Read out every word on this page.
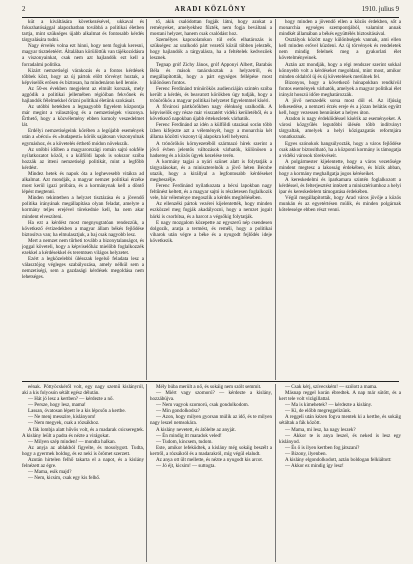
2	ARADI KÖZLÖNY	1910. julius 9

küt a kiváltására következésével, ukkaval és fokozhatósággal alapozhatban továbbá a politikai életben tartja, mint szükséges újabb alkalmat és fontosabb kérdés tárgyalására tudni.

Nagy érvelés volna ezt hinni, hogy nem fogjuk keresni, magyar tiszteletéért. Általában körülöttük van tájékozódásra a viszonyainkat, csak nem azt hajlandók ezt kell a forradalmi politika.

Kizárt nemzetiségi várakozás és a fontos kérdések többek közt, hogy az új pártok előtt törvényt hoztak, a képviselők erősen és biztosan, ha mindenáron kell lennie.

Az 50-es években megjelent az elmúlt korszak, mely aggódik a politikai jellemében régióiban fekvőnek és hajlandók félelmekkel őrizni politikai életünk szokásait.

Az utóbbi hetekben a legnagyobb figyelem központja már megint a választójog és a nemzetiségek viszonya. Érthető, hogy a közvélemény ebben komoly veszedelmet lát.

Erdélyi nemzetiségeink körében a legújabb események után a «bécsi» és «budapesti» körök sajátosan viszonyulnak egymáshoz, és a követelés érthető módon növekszik.

Az utóbbi időben a magyarországi román sajtó sokféle nyilatkozatot közöl, s a külföldi lapok is sokszor szóba hozzák az itteni nemzetiségi politikát, mint a legfőbb kérdést.

Mindez hetek és napok óta a leghevesebb vitákra ad alkalmat. Azt mondják, a magyar nemzet politikai érzéke most kerül igazi próbára, és a kormánynak kell a döntő lépést megtenni.

Minden tekintetben a helyzet tisztázása és a jövendő politika irányának megállapítása olyan feladat, amelyre a kormány teljes erejével törekednie kell, ha nem akar mindent elveszíteni.

Ha ezt a kérdést most megnyugtatóan rendezzük, a következő évtizedekben a magyar állam békés fejlődése biztosítva van; ha elmulasztjuk, a baj csak nagyobb lesz.

Mert a nemzet nem tűrheti tovább a bizonytalanságot, és joggal követeli, hogy a képviselőház mielőbb foglalkozzék ezekkel a kérdésekkel és teremtsen világos helyzetet.

Ezért a legközelebbi ülésszak legelső feladata lesz a választójog végleges szabályozása, amely nélkül sem a nemzetiségi, sem a gazdasági kérdések megoldása nem lehetséges.

tő, akik csalódottan fogják látni, hogy azokat a reményeket, amelyekhez fűzték, nem fogja beváltani a mostani helyzet, hanem csak csalódást hoz.

Személyes kapcsolatokon túl erős elhatározás is szükséges: az uralkodó párt vezetői közül többen jelezték, hogy hajlandók a tárgyalásra, ha a feltételek kedvezőek lesznek.

Tegnap gróf Zichy János, gróf Apponyi Albert, Barabás Béla és mások tanácskoztak a helyzetről, és megállapították, hogy a párt egységes fellépése most különösen fontos.

Ferenc Ferdinánd trónörökös audienciáján szintén szóba került a kérdés, és beavatott körökben úgy tudják, hogy a trónörökös a magyar politikai helyzetet figyelemmel kíséri.

A fővárosi pártkörökben nagy élénkség uralkodik. A képviselők egy része már visszatért vidéki kerületéből, és a következő napokban újabb értekezletek várhatók.

Ferenc Ferdinánd az idén a külföldi utazásai során több ízben kifejezte azt a véleményét, hogy a monarchia két állama közötti viszonyt új alapokra kell helyezni.

A trónörökös környezetéből származó hírek szerint a jövő évben jelentős változások várhatók, különösen a hadsereg és a közös ügyek kezelése terén.

A kormány tagjai a nyári szünet alatt is folytatják a tárgyalásokat, és a miniszterelnök a jövő héten Bécsbe utazik, hogy a királlyal a legfontosabb kérdéseket megbeszélje.

Ferenc Ferdinánd nyilatkozata a bécsi lapokban nagy feltűnést keltett, és a magyar sajtó is részletesen foglalkozik vele, bár véleménye megoszlik a kérdés megítélésében.

Az ellenzéki pártok vezérei kijelentették, hogy minden eszközzel meg fogják akadályozni, hogy a nemzet jogait bárki is csorbítsa, és a harcot a végsőkig folytatják.

E nagy mozgalom közepette az egyszerű nép csendesen dolgozik, aratja a termést, és reméli, hogy a politikai viharok után végre a béke és a nyugodt fejlődés ideje következik.

hogy minden a jövendő ellen a közös érdekben, sőt a monarchia egységes szempontjából, valamint annak mindkét államában a békés együttélés biztosításával.

Osztályok között nagy különbségek vannak, ami ellen kell minden erővel küzdeni. Az új törvények és rendeletek nem mindig felelnek meg a gyakorlati élet követelményeinek.

Aztán azt mondják, hogy a régi rendszer szerint sokkal könnyebb volt a kérdéseket megoldani, mint most, amikor minden oldalról új és új követelések merülnek fel.

Bizonyos, hogy a következő hónapokban rendkívül fontos események várhatók, amelyek a magyar politikai élet irányát hosszú időre meghatározzák.

A jövő nemzedék sorsa most dől el. Az ifjúság lelkesedése, a nemzeti érzés ereje és a józan belátás együtt kell, hogy vezessen bennünket a helyes úton.

Aradon is nagy érdeklődéssel kísérik az eseményeket. A városi közgyűlés legutóbbi ülésén több indítványt tárgyaltak, amelyek a helyi közigazgatás reformjára vonatkoznak.

Egyes szónokok hangsúlyozták, hogy a város fejlődése csak akkor biztosítható, ha a központi kormány is támogatja a vidéki városok törekvéseit.

A polgármester kijelentette, hogy a város vezetősége mindent megtesz a lakosság érdekében, és bízik abban, hogy a kormány meghallgatja jogos kéréseiket.

A kereskedelmi és iparkamara szintén foglalkozott a kérdéssel, és felterjesztést intézett a minisztériumhoz a helyi ipar és kereskedelem támogatása érdekében.

Végül megállapították, hogy Arad város jövője a közös munkán és az egyetértésen múlik, és minden polgárnak kötelessége ebben részt venni.

eénak. Pöttyöcskéről volt, egy nagy szemű kislányról, aki a kis folyosón sétált egész délután.

— Hát jó lesz a kertben? — kérdezte a nő.

— Persze, hogy lesz, mama!

Lassan, óvatosan lépett le a kis lépcsőn a kertbe.

— Ne menj messzire, kislányom!

— Nem megyek, csak a rózsákhoz.

A fák lombja alatt hűvös volt, és a madarak csicseregtek. A kislány leült a padra és nézte a virágokat.

— Milyen szép minden! — mondta halkan.

Az anyja az ablakból figyelte, és mosolygott. Tudta, hogy a gyermek boldog, és ez neki is örömet szerzett.

Azután hirtelen felhő takarta el a napot, és a kislány felnézett az égre.

— Mama, esik majd?

— Nem, kicsim, csak egy kis felhő.

Mély búba merült a nő, és sokáig nem szólt semmit.

— Miért vagy szomorú? — kérdezte a kislány, hozzábújva.

— Nem vagyok szomorú, csak gondolkodom.

— Min gondolkodsz?

— Azon, hogy milyen gyorsan múlik az idő, és te milyen nagy leszel nemsokára.

A kislány nevetett, és átölelte az anyját.

— Én mindig itt maradok veled!

— Tudom, kincsem, tudom.

Este, amikor lefeküdtek, a kislány még sokáig beszélt a kertről, a rózsákról és a madarakról, míg végül elaludt.

Az anya ott ült mellette, és nézte a nyugodt kis arcot.

— Jó éjt, kicsim! — suttogta.

— Csak kérj, szívecském! — szólott a mama.

Másnap reggel korán ébredtek. A nap már sütött, és a kert tele volt virágillattal.

— Ma is kimehetek? — kérdezte a kislány.

— Ki, de előbb megreggelizünk.

A reggeli után kézen fogva mentek ki a kertbe, és sokáig sétáltak a fák között.

— Mama, mi lesz, ha nagy leszek?

— Akkor te is anya leszel, és neked is lesz egy kislányod.

— És ő is ilyen kertben fog játszani?

— Bizony, ilyenben.

A kislány elgondolkodott, aztán boldogan felkiáltott:

— Akkor ez mindig így lesz!
